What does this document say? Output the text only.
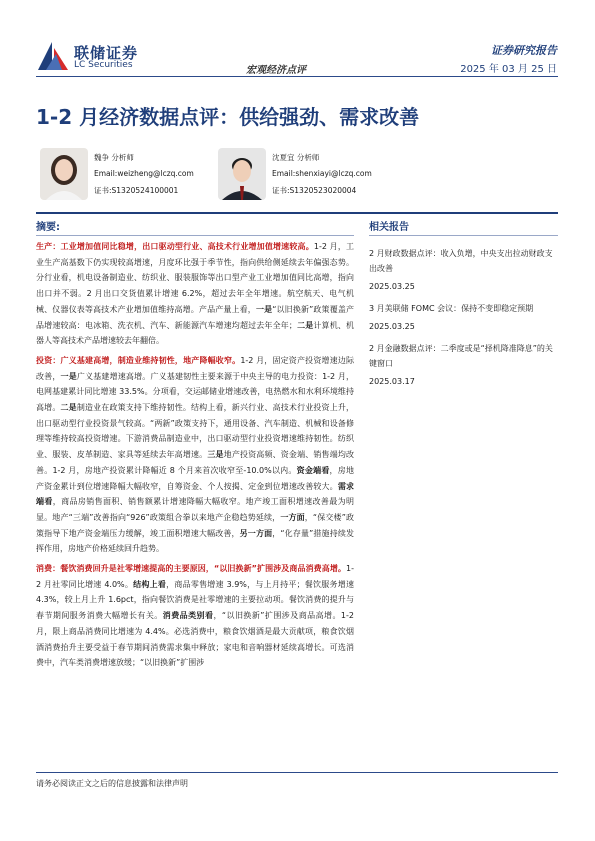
联储证券
LC Securities	宏观经济点评
证券研究报告
2025 年 03 月 25 日
1-2 月经济数据点评：供给强劲、需求改善
魏争 分析师
Email:weizheng@lczq.com
证书:S1320524100001
沈夏宜 分析师
Email:shenxiayi@lczq.com
证书:S1320523020004
摘要:

生产：工业增加值同比稳增，出口驱动型行业、高技术行业增加值增速较高。1-2 月，工业生产高基数下仍实现较高增速，月度环比强于季节性，指向供给侧延续去年偏强态势。分行业看，机电设备制造业、纺织业、服装服饰等出口型产业工业增加值同比高增，指向出口并不弱。2 月出口交货值累计增速 6.2%，超过去年全年增速。航空航天、电气机械、仪器仪表等高技术产业增加值维持高增。产品产量上看，一是“以旧换新”政策覆盖产品增速较高：电冰箱、洗衣机、汽车、新能源汽车增速均超过去年全年；二是计算机、机器人等高技术产品增速较去年翻倍。

投资：广义基建高增，制造业维持韧性，地产降幅收窄。1-2 月，固定资产投资增速边际改善，一是广义基建增速高增。广义基建韧性主要来源于中央主导的电力投资：1-2 月，电网基建累计同比增速 33.5%。分项看，交运邮储业增速改善，电热燃水和水利环境维持高增。二是制造业在政策支持下维持韧性。结构上看，新兴行业、高技术行业投资上升，出口驱动型行业投资景气较高。“两新”政策支持下，通用设备、汽车制造、机械和设备修理等维持较高投资增速。下游消费品制造业中，出口驱动型行业投资增速维持韧性。纺织业、服装、皮革制造、家具等延续去年高增速。三是地产投资高频、资金端、销售端均改善。1-2 月，房地产投资累计降幅近 8 个月来首次收窄至-10.0%以内。资金端看，房地产资金累计到位增速降幅大幅收窄，自筹资金、个人按揭、定金到位增速改善较大。需求端看，商品房销售面积、销售额累计增速降幅大幅收窄。地产竣工面积增速改善最为明显。地产“三端”改善指向“926”政策组合拳以来地产企稳趋势延续，一方面，“保交楼”政策指导下地产资金端压力缓解，竣工面积增速大幅改善，另一方面，“化存量”措施持续发挥作用，房地产价格延续回升趋势。

消费：餐饮消费回升是社零增速提高的主要原因，“以旧换新”扩围涉及商品消费高增。1-2 月社零同比增速 4.0%。结构上看，商品零售增速 3.9%，与上月持平；餐饮服务增速 4.3%，较上月上升 1.6pct，指向餐饮消费是社零增速的主要拉动项。餐饮消费的提升与春节期间服务消费大幅增长有关。消费品类别看，“以旧换新”扩围涉及商品高增。1-2 月，限上商品消费同比增速为 4.4%。必选消费中，粮食饮烟酒是最大贡献项，粮食饮烟酒消费抬升主要受益于春节期间消费需求集中释放；家电和音响器材延续高增长。可选消费中，汽车类消费增速放缓；“以旧换新”扩围涉

相关报告
2 月财政数据点评：收入负增，中央支出拉动财政支出改善
2025.03.25
3 月美联储 FOMC 会议：保持不变即稳定预期
2025.03.25
2 月金融数据点评：二季度或是“择机降准降息”的关键窗口
2025.03.17
请务必阅读正文之后的信息披露和法律声明
